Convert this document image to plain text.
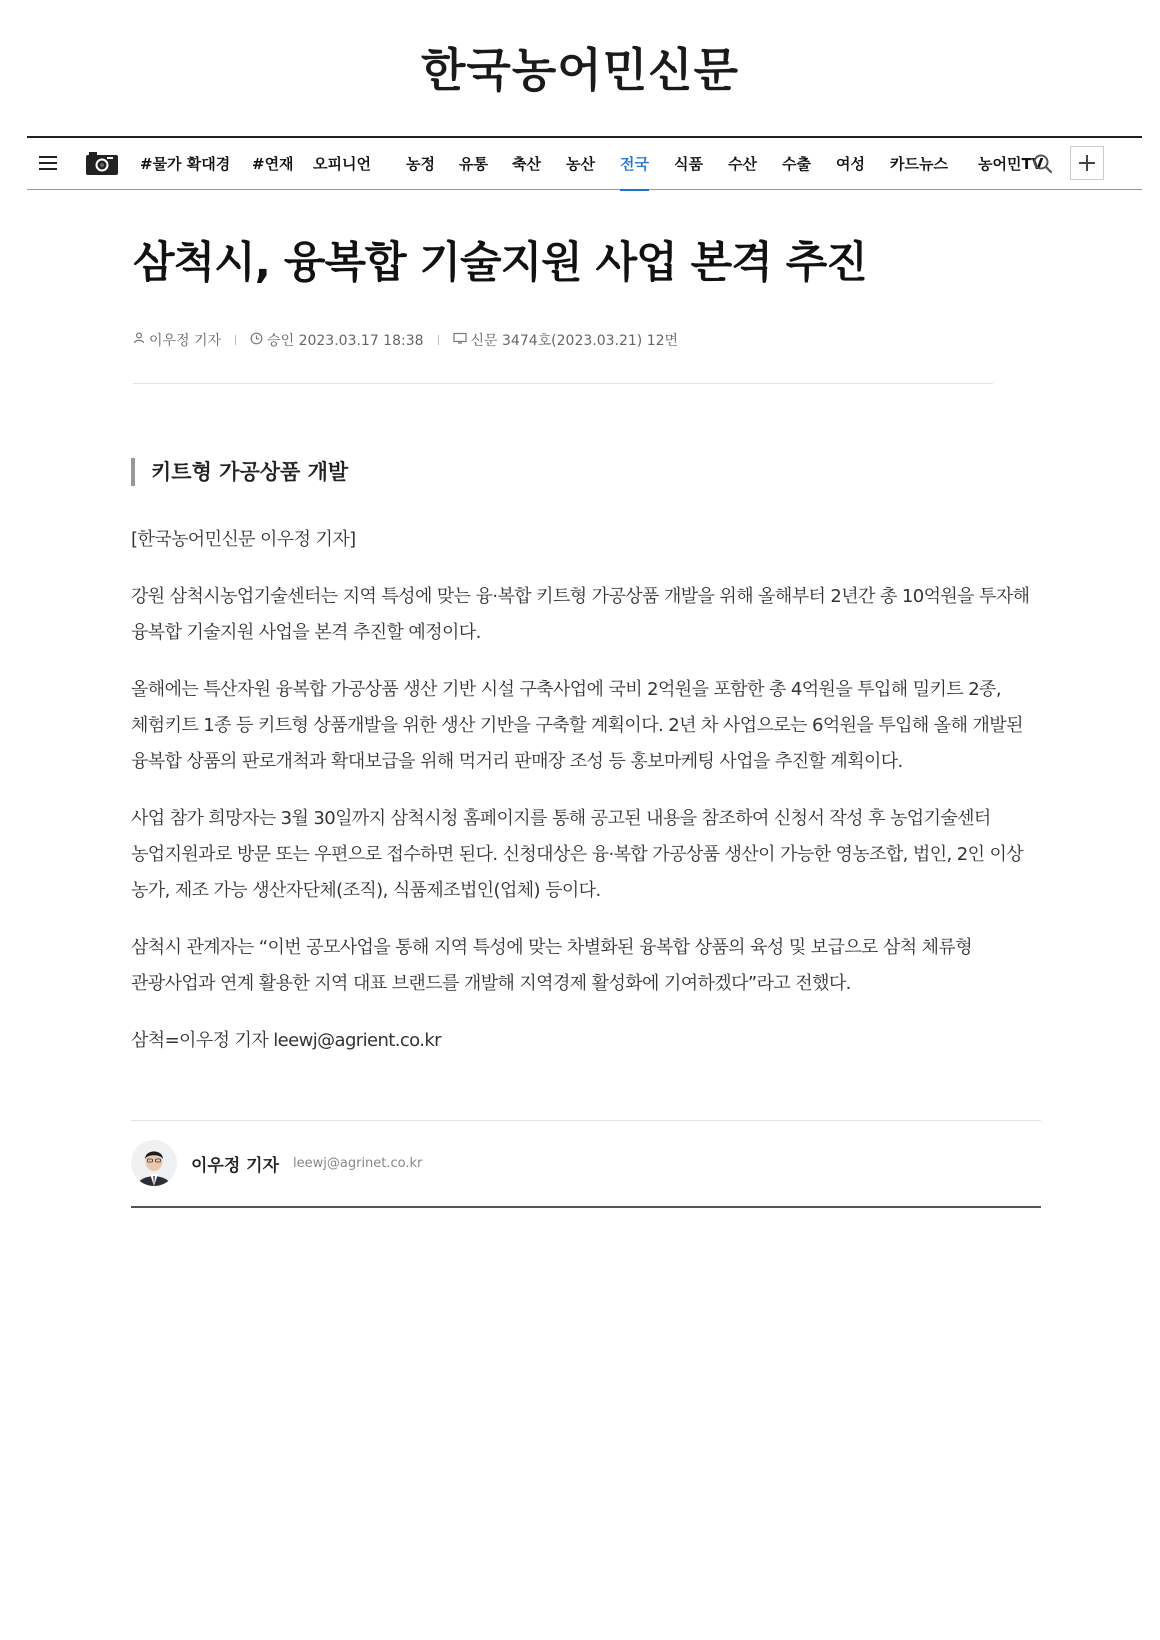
한국농어민신문
#물가 확대경 #연재 오피니언 농정 유통 축산 농산 전국 식품 수산 수출 여성 카드뉴스 농어민TV
삼척시, 융복합 기술지원 사업 본격 추진
이우정 기자	승인 2023.03.17 18:38	신문 3474호(2023.03.21) 12면
키트형 가공상품 개발

[한국농어민신문 이우정 기자]

강원 삼척시농업기술센터는 지역 특성에 맞는 융·복합 키트형 가공상품 개발을 위해 올해부터 2년간 총 10억원을 투자해 융복합 기술지원 사업을 본격 추진할 예정이다.

올해에는 특산자원 융복합 가공상품 생산 기반 시설 구축사업에 국비 2억원을 포함한 총 4억원을 투입해 밀키트 2종, 체험키트 1종 등 키트형 상품개발을 위한 생산 기반을 구축할 계획이다. 2년 차 사업으로는 6억원을 투입해 올해 개발된 융복합 상품의 판로개척과 확대보급을 위해 먹거리 판매장 조성 등 홍보마케팅 사업을 추진할 계획이다.

사업 참가 희망자는 3월 30일까지 삼척시청 홈페이지를 통해 공고된 내용을 참조하여 신청서 작성 후 농업기술센터 농업지원과로 방문 또는 우편으로 접수하면 된다. 신청대상은 융·복합 가공상품 생산이 가능한 영농조합, 법인, 2인 이상 농가, 제조 가능 생산자단체(조직), 식품제조법인(업체) 등이다.

삼척시 관계자는 “이번 공모사업을 통해 지역 특성에 맞는 차별화된 융복합 상품의 육성 및 보급으로 삼척 체류형 관광사업과 연계 활용한 지역 대표 브랜드를 개발해 지역경제 활성화에 기여하겠다”라고 전했다.

삼척=이우정 기자 leewj@agrient.co.kr

이우정 기자 leewj@agrinet.co.kr
